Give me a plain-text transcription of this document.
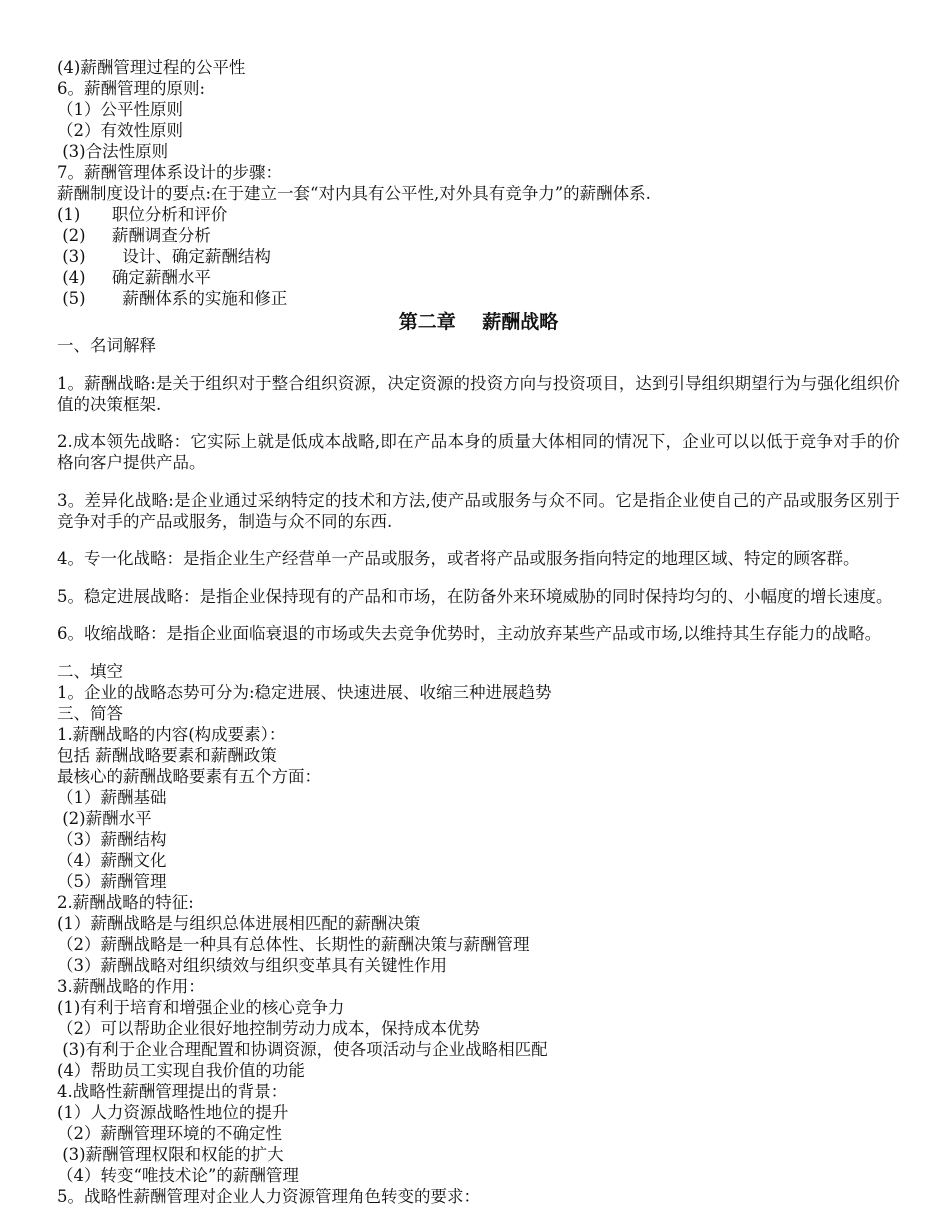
(4)薪酬管理过程的公平性

6。薪酬管理的原则:

（1）公平性原则

（2）有效性原则

(3)合法性原则

7。薪酬管理体系设计的步骤：

薪酬制度设计的要点:在于建立一套“对内具有公平性,对外具有竞争力”的薪酬体系.

(1)      职位分析和评价

(2)     薪酬调查分析

(3)       设计、确定薪酬结构

(4)     确定薪酬水平

(5)       薪酬体系的实施和修正

第二章    薪酬战略

一、名词解释

1。薪酬战略:是关于组织对于整合组织资源，决定资源的投资方向与投资项目，达到引导组织期望行为与强化组织价值的决策框架.

2.成本领先战略：它实际上就是低成本战略,即在产品本身的质量大体相同的情况下，企业可以以低于竞争对手的价格向客户提供产品。

3。差异化战略:是企业通过采纳特定的技术和方法,使产品或服务与众不同。它是指企业使自己的产品或服务区别于竞争对手的产品或服务，制造与众不同的东西.

4。专一化战略：是指企业生产经营单一产品或服务，或者将产品或服务指向特定的地理区域、特定的顾客群。

5。稳定进展战略：是指企业保持现有的产品和市场，在防备外来环境威胁的同时保持均匀的、小幅度的增长速度。

6。收缩战略：是指企业面临衰退的市场或失去竞争优势时，主动放弃某些产品或市场,以维持其生存能力的战略。

二、填空

1。企业的战略态势可分为:稳定进展、快速进展、收缩三种进展趋势

三、简答

1.薪酬战略的内容(构成要素）：

包括 薪酬战略要素和薪酬政策

最核心的薪酬战略要素有五个方面：

（1）薪酬基础

(2)薪酬水平

（3）薪酬结构

（4）薪酬文化

（5）薪酬管理

2.薪酬战略的特征:

(1）薪酬战略是与组织总体进展相匹配的薪酬决策

（2）薪酬战略是一种具有总体性、长期性的薪酬决策与薪酬管理

（3）薪酬战略对组织绩效与组织变革具有关键性作用

3.薪酬战略的作用：

(1)有利于培育和增强企业的核心竞争力

（2）可以帮助企业很好地控制劳动力成本，保持成本优势

(3)有利于企业合理配置和协调资源，使各项活动与企业战略相匹配

(4）帮助员工实现自我价值的功能

4.战略性薪酬管理提出的背景：

(1）人力资源战略性地位的提升

（2）薪酬管理环境的不确定性

(3)薪酬管理权限和权能的扩大

（4）转变“唯技术论”的薪酬管理

5。战略性薪酬管理对企业人力资源管理角色转变的要求：
